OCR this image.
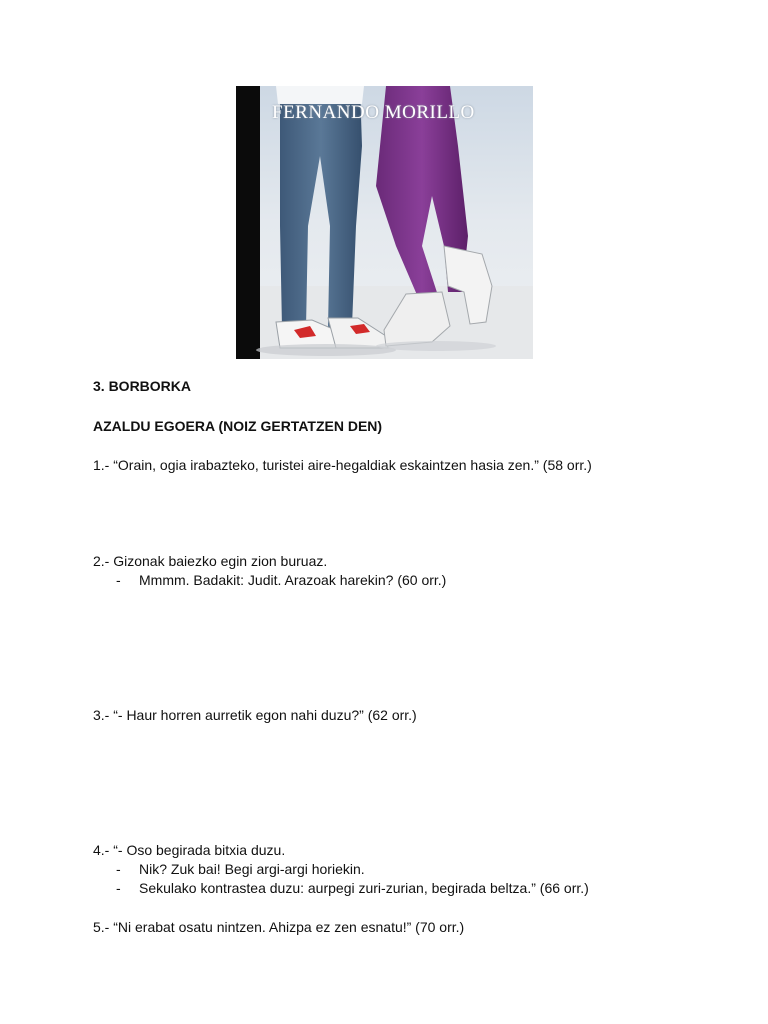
FERNANDO MORILLO
3. BORBORKA
AZALDU EGOERA (NOIZ GERTATZEN DEN)
1.- “Orain, ogia irabazteko, turistei aire-hegaldiak eskaintzen hasia zen.” (58 orr.)
2.- Gizonak baiezko egin zion buruaz.
- Mmmm. Badakit: Judit. Arazoak harekin? (60 orr.)
3.- “- Haur horren aurretik egon nahi duzu?” (62 orr.)
4.- “- Oso begirada bitxia duzu.
- Nik? Zuk bai! Begi argi-argi horiekin.
- Sekulako kontrastea duzu: aurpegi zuri-zurian, begirada beltza.” (66 orr.)
5.- “Ni erabat osatu nintzen. Ahizpa ez zen esnatu!” (70 orr.)
